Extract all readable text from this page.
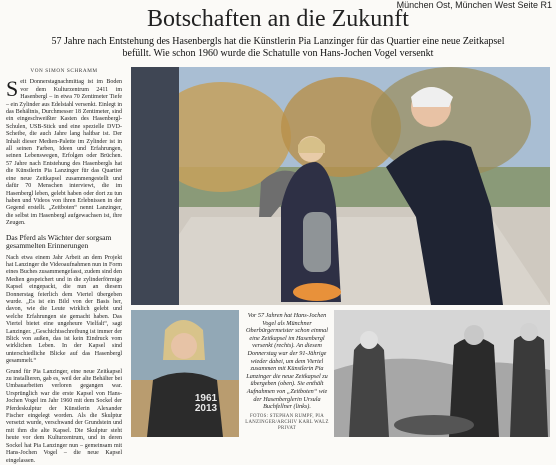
München Ost, München West Seite R1
Botschaften an die Zukunft
57 Jahre nach Entstehung des Hasenbergls hat die Künstlerin Pia Lanzinger für das Quartier eine neue Zeitkapsel befüllt. Wie schon 1960 wurde die Schatulle von Hans-Jochen Vogel versenkt
VON SIMON SCHRAMM

S eit Donnerstagnachmittag ist im Boden vor dem Kulturzentrum 2411 im Hasenbergl – in etwa 70 Zentimeter Tiefe – ein Zylinder aus Edelstahl versenkt. Einlegt in das Behältnis, Durchmesser 18 Zentimeter, sind ein eingeschweißter Kasten des Hasenbergl-Schulen, USB-Stick und eine spezielle DVD-Scheibe, die auch Jahre lang haltbar ist. Der Inhalt dieser Medien-Palette im Zylinder ist in all seinen Farben, Ideen und Erfahrungen, seinen Lebenswegen, Erfolgen oder Brüchen. 57 Jahre nach Entstehung des Hasenbergls hat die Künstlerin Pia Lanzinger für das Quartier eine neue Zeitkapsel zusammengestellt und dafür 70 Menschen interviewt, die im Hasenbergl leben, gelebt haben oder dort zu tun haben und Videos von ihren Erlebnissen in der Gegend erstellt. „Zeitboten“ nennt Lanzinger, die selbst im Hasenbergl aufgewachsen ist, ihre Zeugen.

Das Pferd als Wächter der sorgsam gesammelten Erinnerungen

Nach etwa einem Jahr Arbeit an dem Projekt hat Lanzinger die Videoaufnahmen nun in Form eines Buches zusammengefasst, zudem sind den Medien gespeichert und in die zylinderförmige Kapsel eingepackt, die nun an diesem Donnerstag feierlich dem Viertel übergeben wurde. „Es ist ein Bild von der Basis her, davon, wie die Leute wirklich gelebt und welche Erfahrungen sie gemacht haben. Das Viertel bietet eine ungeheure Vielfalt“, sagt Lanzinger. „Geschichtsschreibung ist immer der Blick von außen, das ist kein Eindruck vom wirklichen Leben. In der Kapsel sind unterschiedliche Blicke auf das Hasenbergl gesammelt.“

Grund für Pia Lanzinger, eine neue Zeitkapsel zu installieren, gab es, weil der alte Behälter bei Umbauarbeiten verloren gegangen war. Ursprünglich war die erste Kapsel von Hans-Jochen Vogel im Jahr 1960 mit dem Sockel der Pferdeskulptur der Künstlerin Alexander Fischer eingelegt worden. Als die Skulptur versetzt wurde, verschwand der Grundstein und mit ihm die alte Kapsel. Die Skulptur steht heute vor dem Kulturzentrum, und in deren Sockel hat Pia Lanzinger nun – gemeinsam mit Hans-Jochen Vogel – die neue Kapsel eingelassen.

1961
2013
Vor 57 Jahren hat Hans-Jochen Vogel als Münchner Oberbürgermeister schon einmal eine Zeitkapsel im Hasenbergl versenkt (rechts). An diesem Donnerstag war der 91-Jährige wieder dabei, um dem Viertel zusammen mit Künstlerin Pia Lanzinger die neue Zeitkapsel zu übergeben (oben). Sie enthält Aufnahmen von „Zeitboten“ wie der Hasenberglerin Ursula Buchfellner (links).
FOTOS: STEPHAN RUMPF, PIA LANZINGER/ARCHIV KARL WALZ PRIVAT
